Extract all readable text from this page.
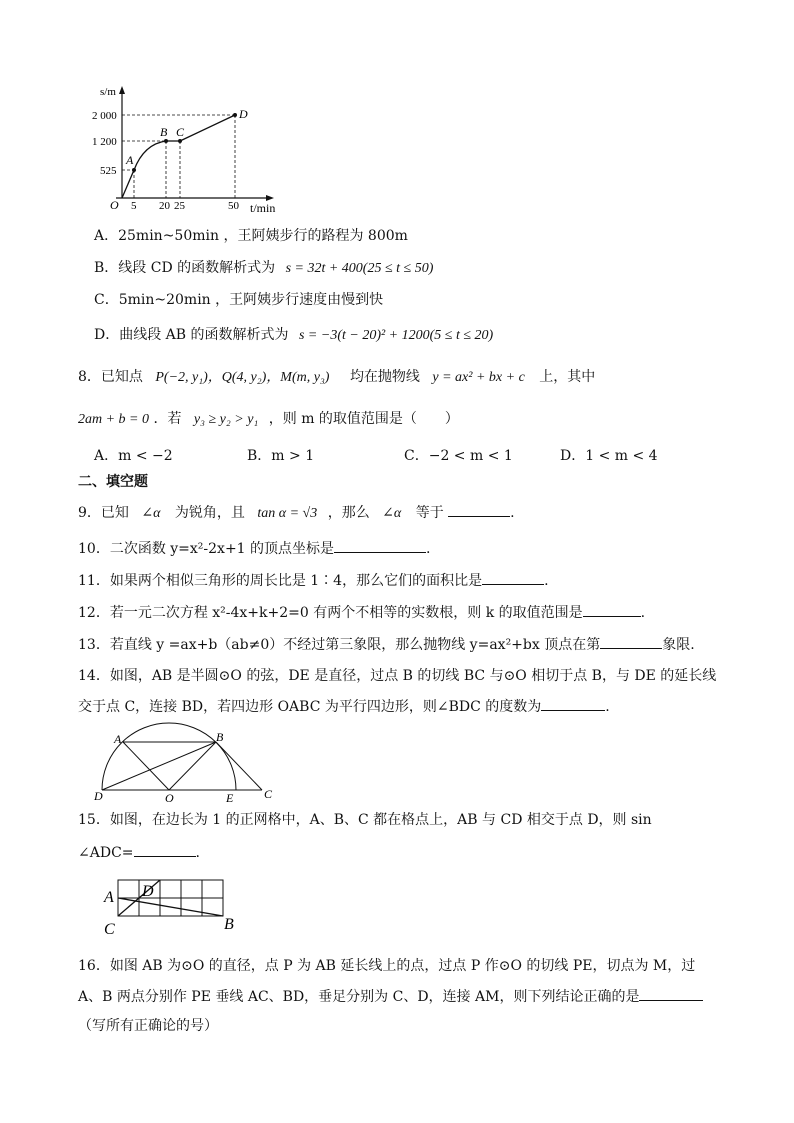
s/m
t/min
O
2 000
1 200
525
5 20 25	50
A
B C
D
A．25min~50min ，王阿姨步行的路程为 800m
B．线段 CD 的函数解析式为 s = 32t + 400(25 ≤ t ≤ 50)
C．5min~20min ，王阿姨步行速度由慢到快
D．曲线段 AB 的函数解析式为 s = −3(t − 20)² + 1200(5 ≤ t ≤ 20)
8．已知点 P(−2, y₁)，Q(4, y₂)，M(m, y₃) 均在抛物线 y = ax² + bx + c 上，其中
2am + b = 0 ．若 y₃ ≥ y₂ > y₁ ，则 m 的取值范围是（　　）
A．m < −2	B．m > 1	C．−2 < m < 1	D．1 < m < 4
二、填空题
9．已知 ∠α 为锐角，且 tan α = √3 ，那么 ∠α 等于	.
10．二次函数 y=x²-2x+1 的顶点坐标是	.
11．如果两个相似三角形的周长比是 1∶4，那么它们的面积比是	.
12．若一元二次方程 x²-4x+k+2=0 有两个不相等的实数根，则 k 的取值范围是	.
13．若直线 y =ax+b（ab≠0）不经过第三象限，那么抛物线 y=ax²+bx 顶点在第	象限.
14．如图，AB 是半圆⊙O 的弦，DE 是直径，过点 B 的切线 BC 与⊙O 相切于点 B，与 DE 的延长线
交于点 C，连接 BD，若四边形 OABC 为平行四边形，则∠BDC 的度数为	.
A	B
D	O	E	C
15．如图，在边长为 1 的正网格中，A、B、C 都在格点上，AB 与 CD 相交于点 D，则 sin
∠ADC=	.
A D
B
C
16．如图 AB 为⊙O 的直径，点 P 为 AB 延长线上的点，过点 P 作⊙O 的切线 PE，切点为 M，过
A、B 两点分别作 PE 垂线 AC、BD，垂足分别为 C、D，连接 AM，则下列结论正确的是
（写所有正确论的号）
